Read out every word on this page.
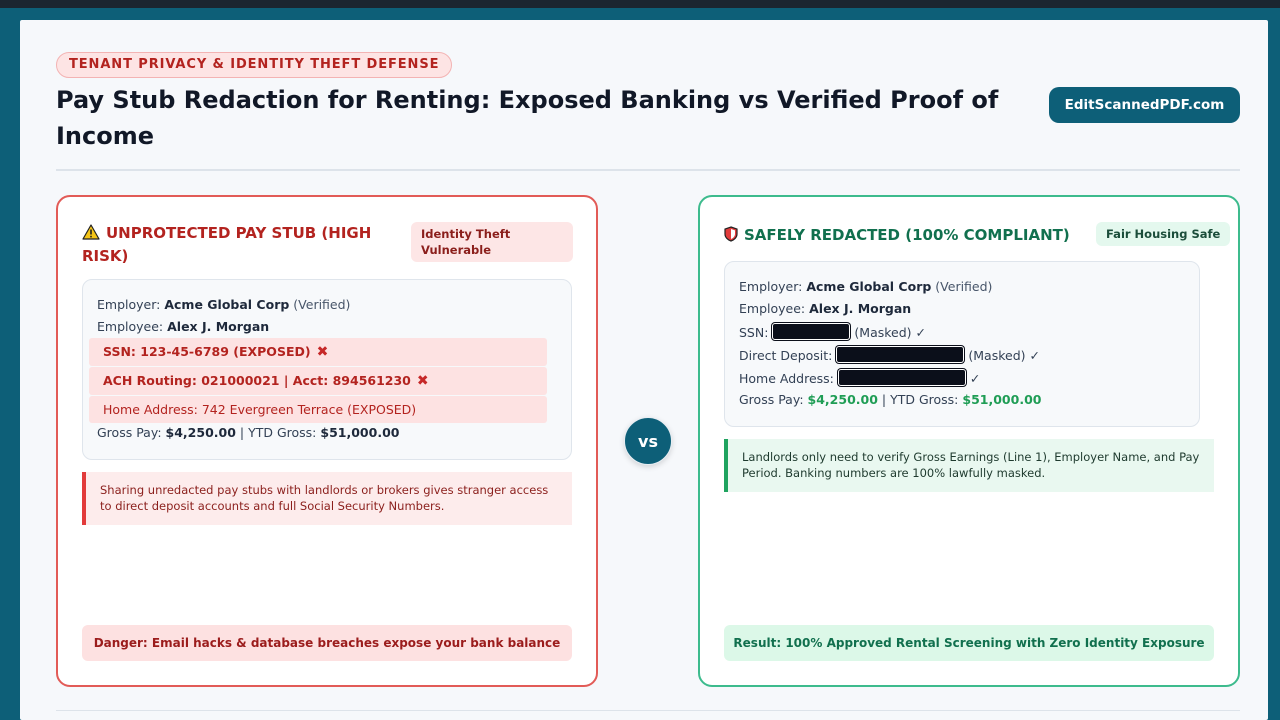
TENANT PRIVACY & IDENTITY THEFT DEFENSE
Pay Stub Redaction for Renting: Exposed Banking vs Verified Proof of Income
EditScannedPDF.com
UNPROTECTED PAY STUB (HIGH RISK)
Identity Theft Vulnerable
Employer: Acme Global Corp (Verified)
Employee: Alex J. Morgan
SSN: 123-45-6789 (EXPOSED) ✖
ACH Routing: 021000021 | Acct: 894561230 ✖
Home Address: 742 Evergreen Terrace (EXPOSED)
Gross Pay: $4,250.00 | YTD Gross: $51,000.00
Sharing unredacted pay stubs with landlords or brokers gives stranger access to direct deposit accounts and full Social Security Numbers.
Danger: Email hacks & database breaches expose your bank balance
vs
SAFELY REDACTED (100% COMPLIANT)	Fair Housing Safe
Employer: Acme Global Corp (Verified)
Employee: Alex J. Morgan
SSN:	(Masked) ✓
Direct Deposit:	(Masked) ✓
Home Address:	✓
Gross Pay: $4,250.00 | YTD Gross: $51,000.00
Landlords only need to verify Gross Earnings (Line 1), Employer Name, and Pay Period. Banking numbers are 100% lawfully masked.
Result: 100% Approved Rental Screening with Zero Identity Exposure
